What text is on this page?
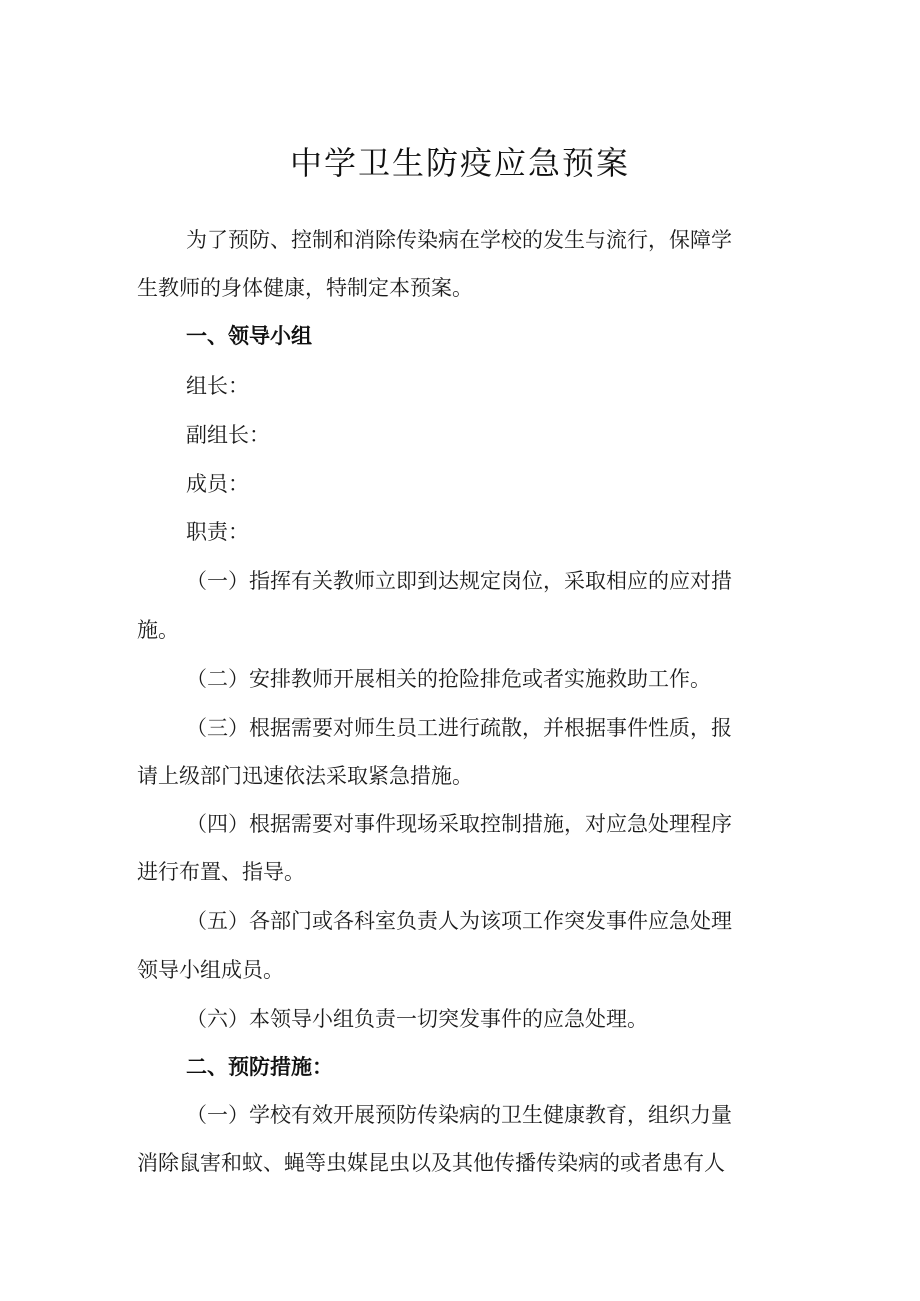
中学卫生防疫应急预案
为了预防、控制和消除传染病在学校的发生与流行，保障学
生教师的身体健康，特制定本预案。
一、领导小组
组长：
副组长：
成员：
职责：
（一）指挥有关教师立即到达规定岗位，采取相应的应对措
施。
（二）安排教师开展相关的抢险排危或者实施救助工作。
（三）根据需要对师生员工进行疏散，并根据事件性质，报
请上级部门迅速依法采取紧急措施。
（四）根据需要对事件现场采取控制措施，对应急处理程序
进行布置、指导。
（五）各部门或各科室负责人为该项工作突发事件应急处理
领导小组成员。
（六）本领导小组负责一切突发事件的应急处理。
二、预防措施：
（一）学校有效开展预防传染病的卫生健康教育，组织力量
消除鼠害和蚊、蝇等虫媒昆虫以及其他传播传染病的或者患有人
